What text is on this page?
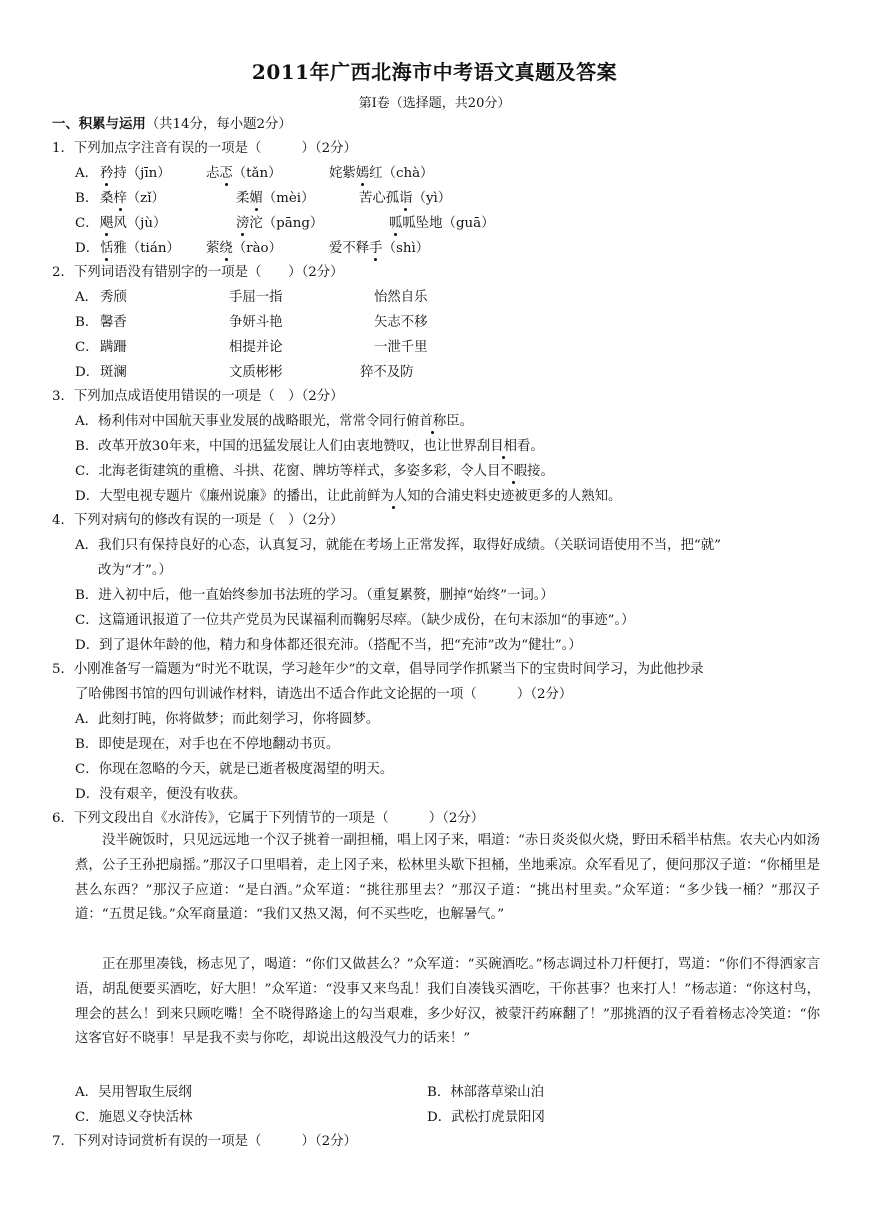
2011年广西北海市中考语文真题及答案
第Ⅰ卷（选择题，共20分）
一、积累与运用（共14分，每小题2分）
1．下列加点字注音有误的一项是（　　　）（2分）
A． 矜持（jīn）	忐忑（tǎn）	姹紫嫣红（chà）
B． 桑梓（zǐ）	柔媚（mèi）	苦心孤诣（yì）
C． 飓风（jù）	滂沱（pāng）	呱呱坠地（guā）
D． 恬雅（tián） 萦绕（rào）	爱不释手（shì）
2．下列词语没有错别字的一项是（　　）（2分）
A． 秀颀	手屈一指	怡然自乐
B． 馨香	争妍斗艳	矢志不移
C． 蹒跚	相提并论	一泄千里
D． 斑澜	文质彬彬	猝不及防
3．下列加点成语使用错误的一项是（　）（2分）
A．杨利伟对中国航天事业发展的战略眼光，常常令同行俯首称臣。
B．改革开放30年来，中国的迅猛发展让人们由衷地赞叹，也让世界刮目相看。
C．北海老街建筑的重檐、斗拱、花窗、牌坊等样式，多姿多彩，令人目不暇接。
D．大型电视专题片《廉州说廉》的播出，让此前鲜为人知的合浦史料史迹被更多的人熟知。
4．下列对病句的修改有误的一项是（　）（2分）
A．我们只有保持良好的心态，认真复习，就能在考场上正常发挥，取得好成绩。（关联词语使用不当，把“就”
改为“才”。）
B．进入初中后，他一直始终参加书法班的学习。（重复累赘，删掉“始终”一词。）
C．这篇通讯报道了一位共产党员为民谋福利而鞠躬尽瘁。（缺少成份，在句末添加“的事迹”。）
D．到了退休年龄的他，精力和身体都还很充沛。（搭配不当，把“充沛”改为“健壮”。）
5．小刚准备写一篇题为“时光不耽误，学习趁年少”的文章，倡导同学作抓紧当下的宝贵时间学习，为此他抄录
了哈佛图书馆的四句训诫作材料，请选出不适合作此文论据的一项（　　　）（2分）
A．此刻打盹，你将做梦；而此刻学习，你将圆梦。
B．即使是现在，对手也在不停地翻动书页。
C．你现在忽略的今天，就是已逝者极度渴望的明天。
D．没有艰辛，便没有收获。
6．下列文段出自《水浒传》，它属于下列情节的一项是（　　　）（2分）
没半碗饭时，只见远远地一个汉子挑着一副担桶，唱上冈子来，唱道：“赤日炎炎似火烧，野田禾稻半枯焦。农夫心内如汤煮，公子王孙把扇摇。”那汉子口里唱着，走上冈子来，松林里头歇下担桶，坐地乘凉。众军看见了，便问那汉子道：“你桶里是甚么东西？”那汉子应道：“是白酒。”众军道：“挑往那里去？”那汉子道：“挑出村里卖。”众军道：“多少钱一桶？”那汉子道：“五贯足钱。”众军商量道：“我们又热又渴，何不买些吃，也解暑气。”
正在那里凑钱，杨志见了，喝道：“你们又做甚么？”众军道：“买碗酒吃。”杨志调过朴刀杆便打，骂道：“你们不得洒家言语，胡乱便要买酒吃，好大胆！”众军道：“没事又来鸟乱！我们自凑钱买酒吃，干你甚事？也来打人！”杨志道：“你这村鸟，理会的甚么！到来只顾吃嘴！全不晓得路途上的勾当艰难，多少好汉，被蒙汗药麻翻了！”那挑酒的汉子看着杨志冷笑道：“你这客官好不晓事！早是我不卖与你吃，却说出这般没气力的话来！”
A．吴用智取生辰纲	B．林部落草梁山泊
C．施恩义夺快活林	D．武松打虎景阳冈
7．下列对诗词赏析有误的一项是（　　　）（2分）
